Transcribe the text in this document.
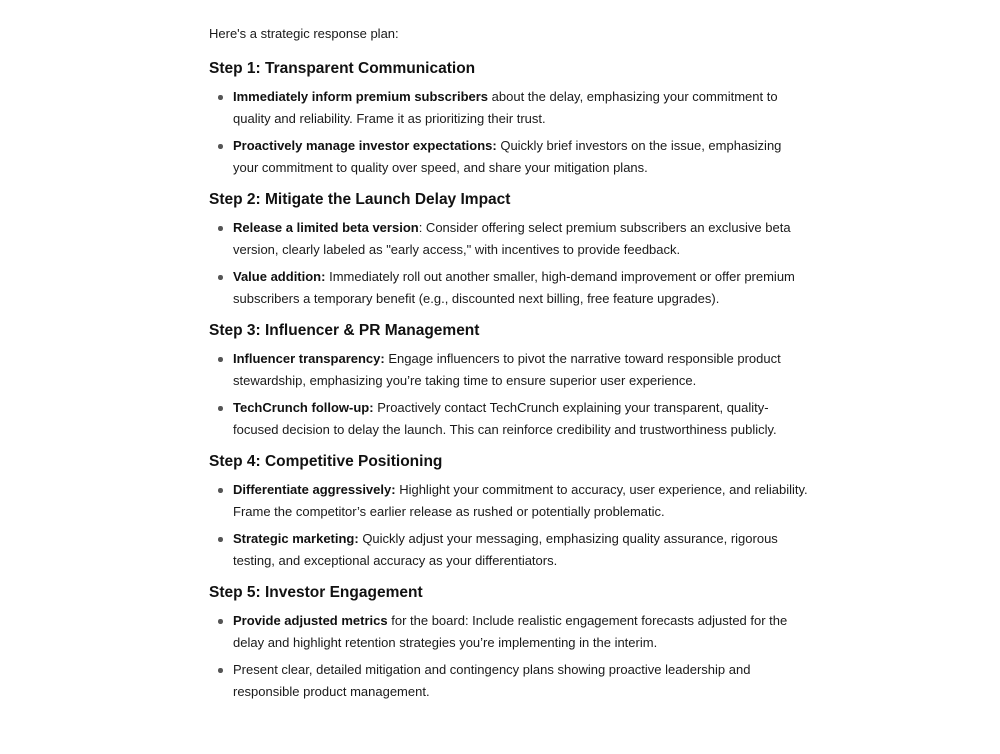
Here's a strategic response plan:

Step 1: Transparent Communication
Immediately inform premium subscribers about the delay, emphasizing your commitment to quality and reliability. Frame it as prioritizing their trust.
Proactively manage investor expectations: Quickly brief investors on the issue, emphasizing your commitment to quality over speed, and share your mitigation plans.
Step 2: Mitigate the Launch Delay Impact
Release a limited beta version: Consider offering select premium subscribers an exclusive beta version, clearly labeled as "early access," with incentives to provide feedback.
Value addition: Immediately roll out another smaller, high-demand improvement or offer premium subscribers a temporary benefit (e.g., discounted next billing, free feature upgrades).
Step 3: Influencer & PR Management
Influencer transparency: Engage influencers to pivot the narrative toward responsible product stewardship, emphasizing you’re taking time to ensure superior user experience.
TechCrunch follow-up: Proactively contact TechCrunch explaining your transparent, quality-focused decision to delay the launch. This can reinforce credibility and trustworthiness publicly.
Step 4: Competitive Positioning
Differentiate aggressively: Highlight your commitment to accuracy, user experience, and reliability. Frame the competitor’s earlier release as rushed or potentially problematic.
Strategic marketing: Quickly adjust your messaging, emphasizing quality assurance, rigorous testing, and exceptional accuracy as your differentiators.
Step 5: Investor Engagement
Provide adjusted metrics for the board: Include realistic engagement forecasts adjusted for the delay and highlight retention strategies you’re implementing in the interim.
Present clear, detailed mitigation and contingency plans showing proactive leadership and responsible product management.
